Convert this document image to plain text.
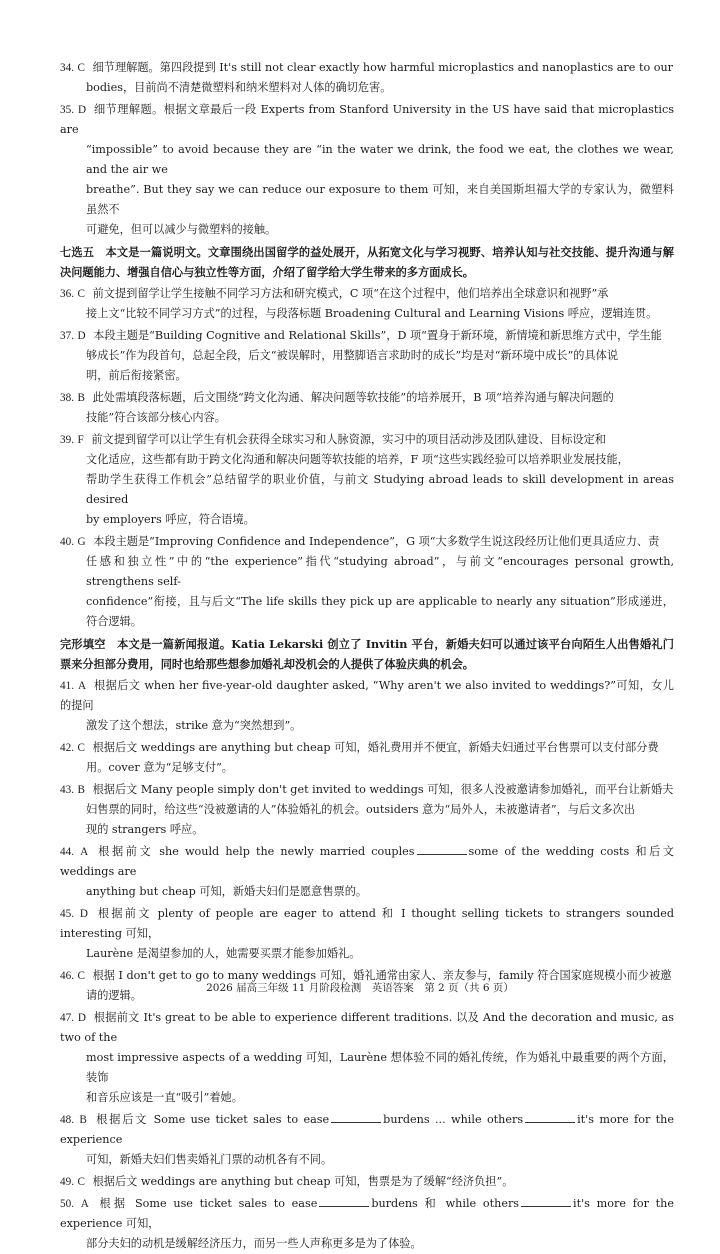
34. C 细节理解题。第四段提到 It's still not clear exactly how harmful microplastics and nanoplastics are to our
bodies，目前尚不清楚微塑料和纳米塑料对人体的确切危害。
35. D 细节理解题。根据文章最后一段 Experts from Stanford University in the US have said that microplastics are
“impossible” to avoid because they are “in the water we drink, the food we eat, the clothes we wear, and the air we
breathe”. But they say we can reduce our exposure to them 可知，来自美国斯坦福大学的专家认为，微塑料虽然不
可避免，但可以减少与微塑料的接触。
七选五　本文是一篇说明文。文章围绕出国留学的益处展开，从拓宽文化与学习视野、培养认知与社交技能、提升沟通与解决问题能力、增强自信心与独立性等方面，介绍了留学给大学生带来的多方面成长。
36. C 前文提到留学让学生接触不同学习方法和研究模式，C 项“在这个过程中，他们培养出全球意识和视野”承
接上文“比较不同学习方式”的过程，与段落标题 Broadening Cultural and Learning Visions 呼应，逻辑连贯。
37. D 本段主题是“Building Cognitive and Relational Skills”，D 项“置身于新环境，新情境和新思维方式中，学生能
够成长”作为段首句，总起全段，后文“被误解时，用整脚语言求助时的成长”均是对“新环境中成长”的具体说
明，前后衔接紧密。
38. B 此处需填段落标题，后文围绕“跨文化沟通、解决问题等软技能”的培养展开，B 项“培养沟通与解决问题的
技能”符合该部分核心内容。
39. F 前文提到留学可以让学生有机会获得全球实习和人脉资源，实习中的项目活动涉及团队建设、目标设定和
文化适应，这些都有助于跨文化沟通和解决问题等软技能的培养，F 项“这些实践经验可以培养职业发展技能，
帮助学生获得工作机会”总结留学的职业价值，与前文 Studying abroad leads to skill development in areas desired
by employers 呼应，符合语境。
40. G 本段主题是“Improving Confidence and Independence”，G 项“大多数学生说这段经历让他们更具适应力、责
任感和独立性”中的“the experience”指代“studying abroad”，与前文“encourages personal growth, strengthens self-
confidence”衔接，且与后文“The life skills they pick up are applicable to nearly any situation”形成递进，符合逻辑。
完形填空　本文是一篇新闻报道。Katia Lekarski 创立了 Invitin 平台，新婚夫妇可以通过该平台向陌生人出售婚礼门票来分担部分费用，同时也给那些想参加婚礼却没机会的人提供了体验庆典的机会。
41. A 根据后文 when her five-year-old daughter asked, “Why aren't we also invited to weddings?”可知，女儿的提问
激发了这个想法，strike 意为“突然想到”。
42. C 根据后文 weddings are anything but cheap 可知，婚礼费用并不便宜，新婚夫妇通过平台售票可以支付部分费
用。cover 意为“足够支付”。
43. B 根据后文 Many people simply don't get invited to weddings 可知，很多人没被邀请参加婚礼，而平台让新婚夫
妇售票的同时，给这些“没被邀请的人”体验婚礼的机会。outsiders 意为“局外人，未被邀请者”，与后文多次出
现的 strangers 呼应。
44. A 根据前文 she would help the newly married couples	some of the wedding costs 和后文 weddings are
anything but cheap 可知，新婚夫妇们是愿意售票的。
45. D 根据前文 plenty of people are eager to attend 和 I thought selling tickets to strangers sounded interesting 可知，
Laurène 是渴望参加的人，她需要买票才能参加婚礼。
46. C 根据 I don't get to go to many weddings 可知，婚礼通常由家人、亲友参与，family 符合国家庭规模小而少被邀
请的逻辑。
47. D 根据前文 It's great to be able to experience different traditions. 以及 And the decoration and music, as two of the
most impressive aspects of a wedding 可知，Laurène 想体验不同的婚礼传统，作为婚礼中最重要的两个方面，装饰
和音乐应该是一直“吸引”着她。
48. B 根据后文 Some use ticket sales to ease	burdens ... while others	it's more for the experience
可知，新婚夫妇们售卖婚礼门票的动机各有不同。
49. C 根据后文 weddings are anything but cheap 可知，售票是为了缓解“经济负担”。
50. A 根据 Some use ticket sales to ease	burdens 和 while others	it's more for the experience 可知，
部分夫妇的动机是缓解经济压力，而另一些人声称更多是为了体验。
2026 届高三年级 11 月阶段检测　英语答案　第 2 页（共 6 页）
